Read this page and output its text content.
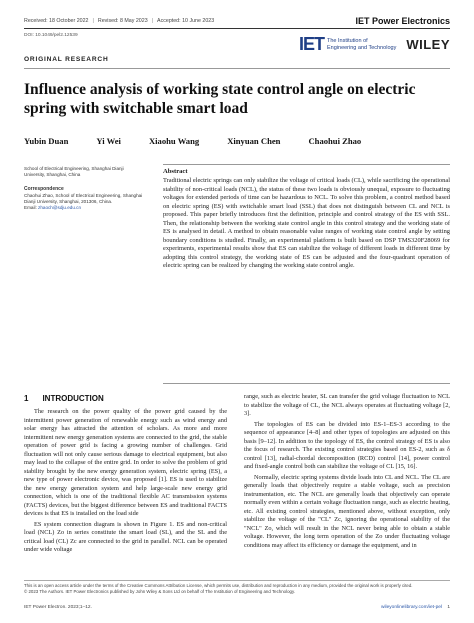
Received: 18 October 2022 | Revised: 8 May 2023 | Accepted: 10 June 2023	IET Power Electronics
DOI: 10.1049/pel2.12539	IET The Institution of
Engineering and Technology WILEY
ORIGINAL RESEARCH
Influence analysis of working state control angle on electric spring with switchable smart load
Yubin Duan	Yi Wei	Xiaohu Wang	Xinyuan Chen	Chaohui Zhao
School of Electrical Engineering, Shanghai Dianji University, Shanghai, China
Correspondence
Chaohui Zhao, School of Electrical Engineering, Shanghai Dianji University, Shanghai, 201306, China.
Email: zhaoch@sdju.edu.cn
Abstract

Traditional electric springs can only stabilize the voltage of critical loads (CL), while sacrificing the operational stability of non-critical loads (NCL), the status of these two loads is obviously unequal, exposure to fluctuating voltages for extended periods of time can be hazardous to NCL. To solve this problem, a control method based on electric spring (ES) with switchable smart load (SSL) that does not distinguish between CL and NCL is proposed. This paper briefly introduces first the definition, principle and control strategy of the ES with SSL. Then, the relationship between the working state control angle in this control strategy and the working state of ES is analysed in detail. A method to obtain reasonable value ranges of working state control angle by setting boundary conditions is studied. Finally, an experimental platform is built based on DSP TMS320F28069 for experiments, experimental results show that ES can stabilize the voltage of different loads in different time by adopting this control strategy, the working state of ES can be adjusted and the four-quadrant operation of electric spring can be realized by changing the working state control angle.

1 INTRODUCTION

The research on the power quality of the power grid caused by the intermittent power generation of renewable energy such as wind energy and solar energy has attracted the attention of scholars. As more and more intermittent new energy generation systems are connected to the grid, the stable operation of power grid is facing a growing number of challenges. Grid fluctuation will not only cause serious damage to electrical equipment, but also may lead to the collapse of the entire grid. In order to solve the problem of grid stability brought by the new energy generation system, electric spring (ES), a new type of power electronic device, was proposed [1]. ES is used to stabilize the new energy generation system and help large-scale new energy grid connection, which is one of the traditional flexible AC transmission systems (FACTS) devices, but the biggest difference between ES and traditional FACTS devices is that ES is installed on the load side

ES system connection diagram is shown in Figure 1. ES and non-critical load (NCL) Zo in series constitute the smart load (SL), and the SL and the critical load (CL) Zc are connected to the grid in parallel. NCL can be operated under wide voltage

range, such as electric heater, SL can transfer the grid voltage fluctuation to NCL to stabilize the voltage of CL, the NCL always operates at fluctuating voltage [2, 3].

The topologies of ES can be divided into ES-1–ES-3 according to the sequence of appearance [4–8] and other types of topologies are adjusted on this basis [9–12]. In addition to the topology of ES, the control strategy of ES is also the focus of research. The existing control strategies based on ES-2, such as δ control [13], radial-chordal decomposition (RCD) control [14], power control and fixed-angle control both can stabilize the voltage of CL [15, 16].

Normally, electric spring systems divide loads into CL and NCL. The CL are generally loads that objectively require a stable voltage, such as precision instrumentation, etc. The NCL are generally loads that objectively can operate normally even within a certain voltage fluctuation range, such as electric heating, etc. All existing control strategies, mentioned above, without exception, only stabilize the voltage of the "CL" Zc, ignoring the operational stability of the "NCL" Zo, which will result in the NCL never being able to obtain a stable voltage. However, the long term operation of the Zo under fluctuating voltage conditions may affect its efficiency or damage the equipment, and in

This is an open access article under the terms of the Creative Commons Attribution License, which permits use, distribution and reproduction in any medium, provided the original work is properly cited.
© 2023 The Authors. IET Power Electronics published by John Wiley & Sons Ltd on behalf of The Institution of Engineering and Technology.
IET Power Electron. 2023;1–12.	wileyonlinelibrary.com/iet-pel 1
